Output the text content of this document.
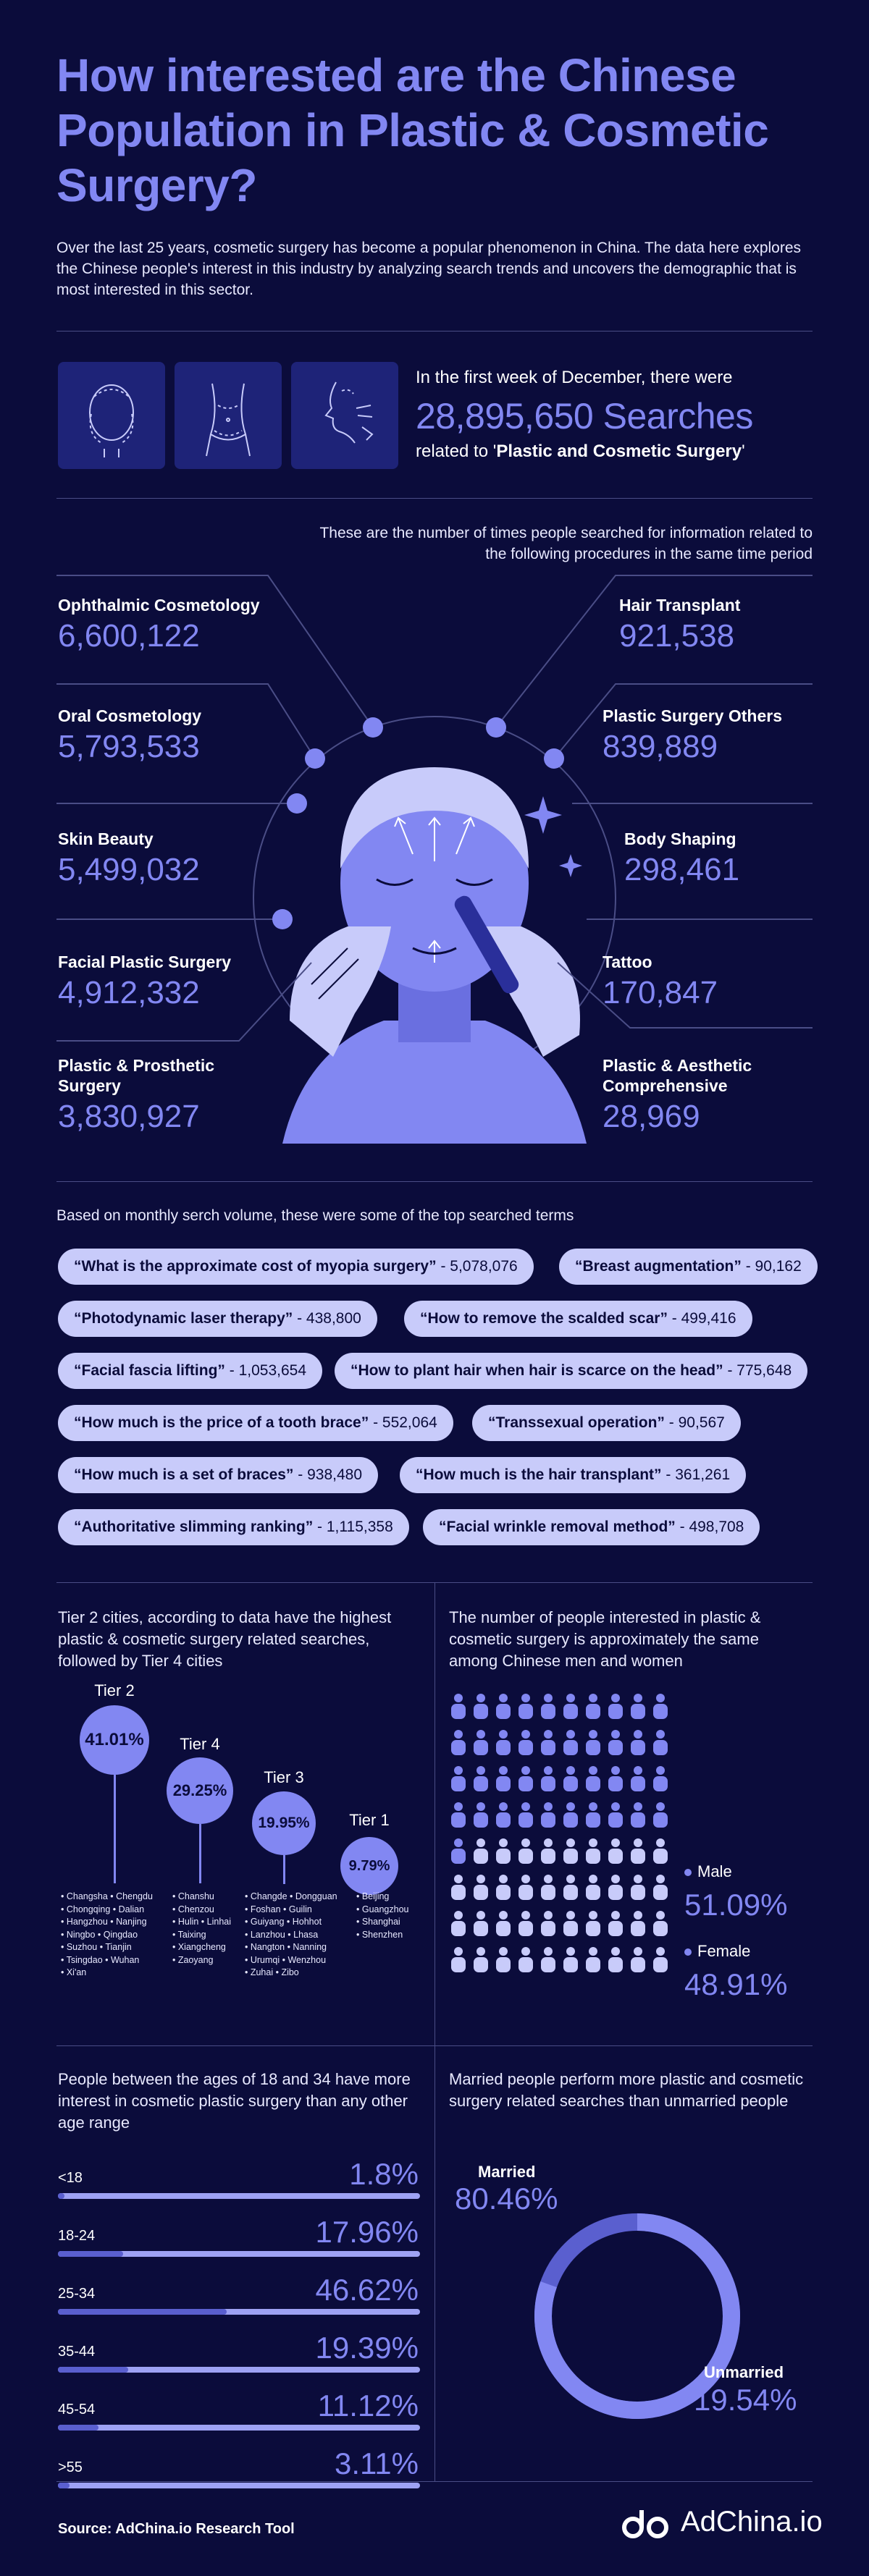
How interested are the Chinese Population in Plastic & Cosmetic Surgery?
Over the last 25 years, cosmetic surgery has become a popular phenomenon in China. The data here explores the Chinese people's interest in this industry by analyzing search trends and uncovers the demographic that is most interested in this sector.
In the first week of December, there were
28,895,650 Searches
related to 'Plastic and Cosmetic Surgery'
These are the number of times people searched for information related to the following procedures in the same time period
Ophthalmic Cosmetology
6,600,122
Oral Cosmetology
5,793,533
Skin Beauty
5,499,032
Facial Plastic Surgery
4,912,332
Plastic & Prosthetic Surgery
3,830,927
Hair Transplant
921,538
Plastic Surgery Others
839,889
Body Shaping
298,461
Tattoo
170,847
Plastic & Aesthetic Comprehensive
28,969
Based on monthly serch volume, these were some of the top searched terms
“What is the approximate cost of myopia surgery” - 5,078,076	“Breast augmentation” - 90,162
“Photodynamic laser therapy” - 438,800	“How to remove the scalded scar” - 499,416
“Facial fascia lifting” - 1,053,654	“How to plant hair when hair is scarce on the head” - 775,648
“How much is the price of a tooth brace” - 552,064	“Transsexual operation” - 90,567
“How much is a set of braces” - 938,480	“How much is the hair transplant” - 361,261
“Authoritative slimming ranking” - 1,115,358	“Facial wrinkle removal method” - 498,708
Tier 2 cities, according to data have the highest plastic & cosmetic surgery related searches, followed by Tier 4 cities
Tier 2
41.01%
• Changsha • Chengdu
• Chongqing • Dalian
• Hangzhou • Nanjing
• Ningbo • Qingdao
• Suzhou • Tianjin
• Tsingdao • Wuhan
• Xi'an
Tier 4
29.25%
• Chanshu
• Chenzou
• Hulin • Linhai
• Taixing
• Xiangcheng
• Zaoyang
Tier 3
19.95%
• Changde • Dongguan
• Foshan • Guilin
• Guiyang • Hohhot
• Lanzhou • Lhasa
• Nangton • Nanning
• Urumqi • Wenzhou
• Zuhai • Zibo
Tier 1
9.79%
• Beijing
• Guangzhou
• Shanghai
• Shenzhen
The number of people interested in plastic & cosmetic surgery is approximately the same among Chinese men and women
Male
51.09%
Female
48.91%
People between the ages of 18 and 34 have more interest in cosmetic plastic surgery than any other age range
<18	1.8%
18-24	17.96%
25-34	46.62%
35-44	19.39%
45-54	11.12%
>55	3.11%
Married people perform more plastic and cosmetic surgery related searches than unmarried people
Married
80.46%
Unmarried
19.54%
Source: AdChina.io Research Tool	AdChina.io
